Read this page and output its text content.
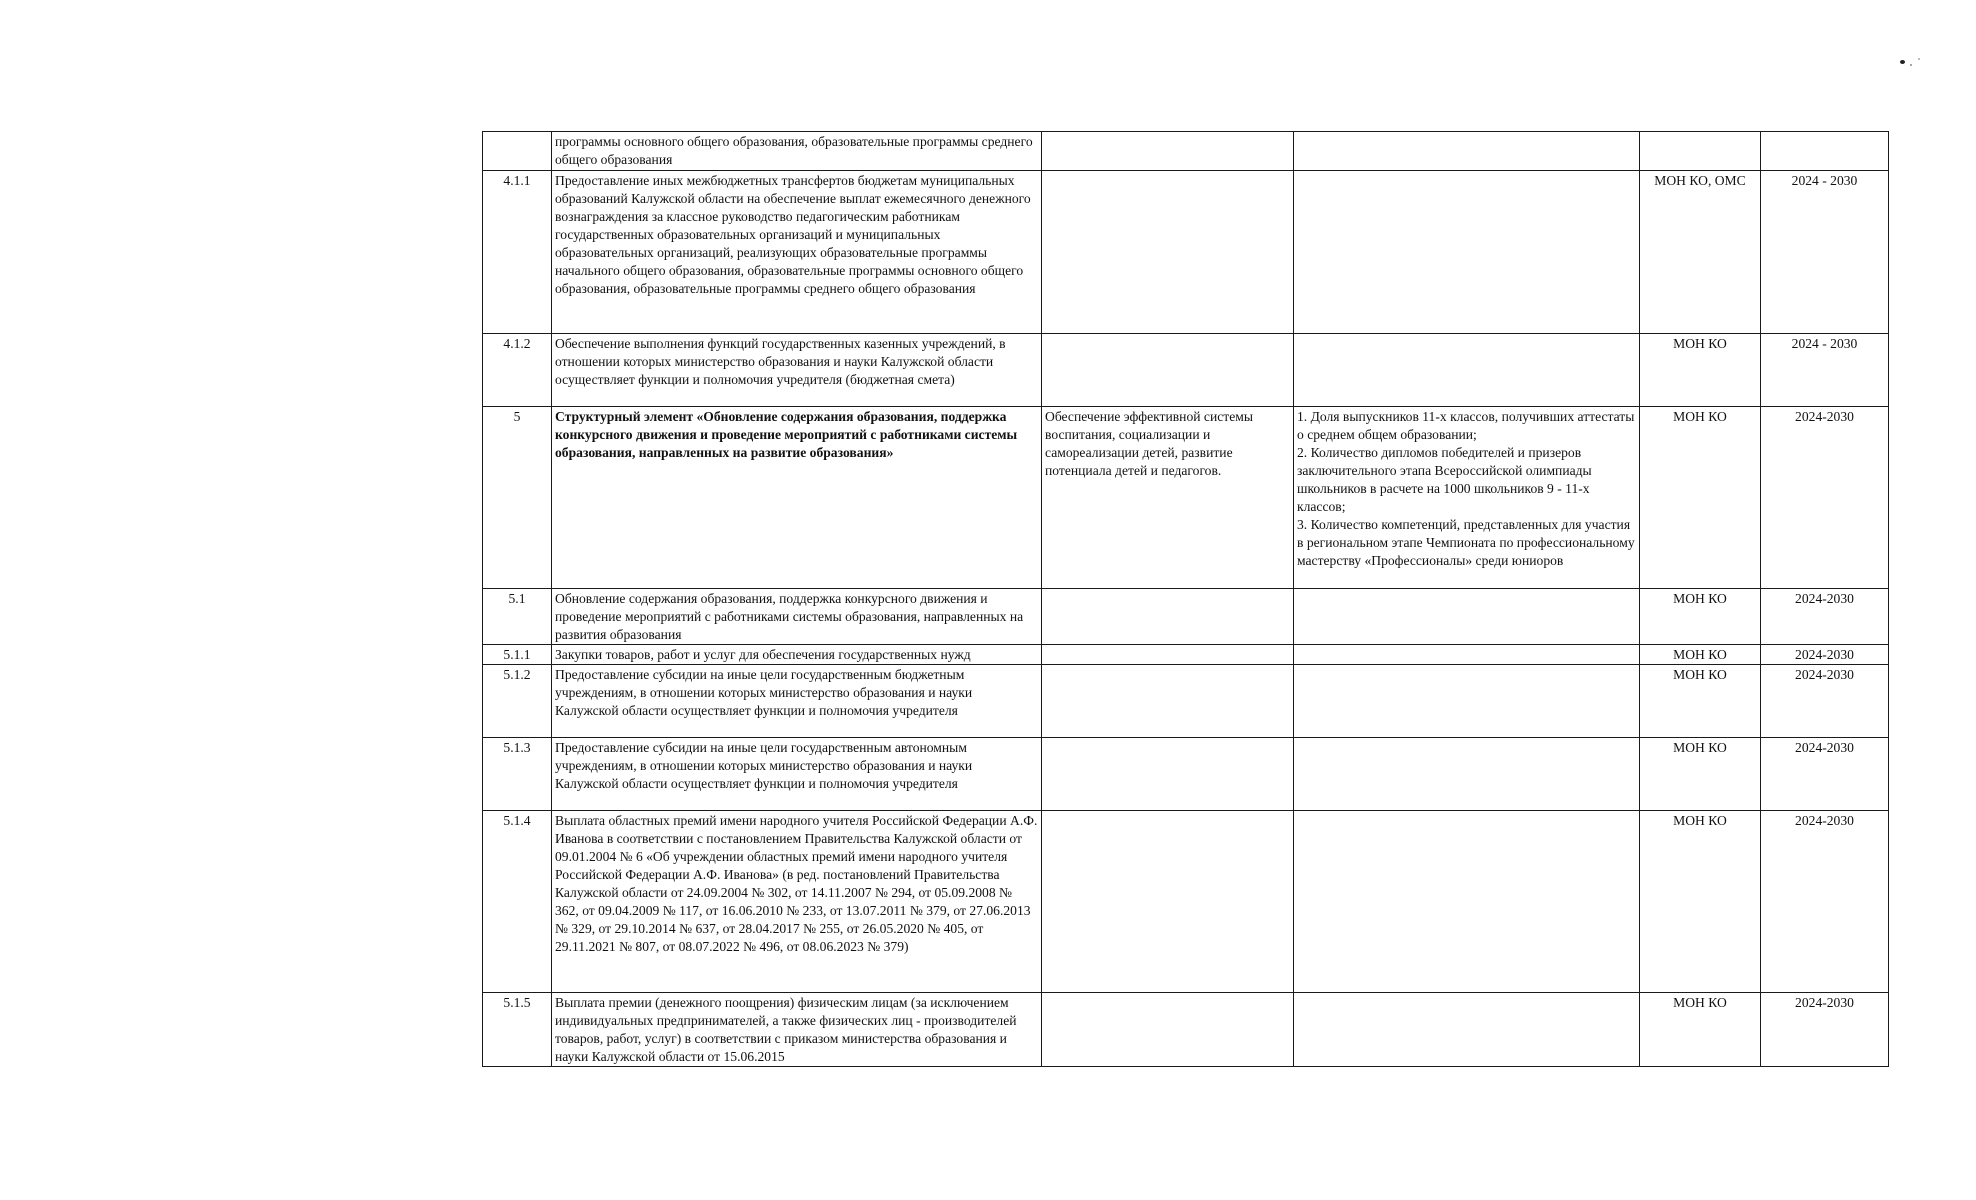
	программы основного общего образования, образовательные программы среднего общего образования				
4.1.1	Предоставление иных межбюджетных трансфертов бюджетам муниципальных образований Калужской области на обеспечение выплат ежемесячного денежного вознаграждения за классное руководство педагогическим работникам государственных образовательных организаций и муниципальных образовательных организаций, реализующих образовательные программы начального общего образования, образовательные программы основного общего образования, образовательные программы среднего общего образования			МОН КО, ОМС	2024 - 2030
4.1.2	Обеспечение выполнения функций государственных казенных учреждений, в отношении которых министерство образования и науки Калужской области осуществляет функции и полномочия учредителя (бюджетная смета)			МОН КО	2024 - 2030
5	Структурный элемент «Обновление содержания образования, поддержка конкурсного движения и проведение мероприятий с работниками системы образования, направленных на развитие образования»	Обеспечение эффективной системы воспитания, социализации и самореализации детей, развитие потенциала детей и педагогов.	1. Доля выпускников 11-х классов, получивших аттестаты о среднем общем образовании;
2. Количество дипломов победителей и призеров заключительного этапа Всероссийской олимпиады школьников в расчете на 1000 школьников 9 - 11-х классов;
3. Количество компетенций, представленных для участия в региональном этапе Чемпионата по профессиональному мастерству «Профессионалы» среди юниоров	МОН КО	2024-2030
5.1	Обновление содержания образования, поддержка конкурсного движения и проведение мероприятий с работниками системы образования, направленных на развития образования			МОН КО	2024-2030
5.1.1	Закупки товаров, работ и услуг для обеспечения государственных нужд			МОН КО	2024-2030
5.1.2	Предоставление субсидии на иные цели государственным бюджетным учреждениям, в отношении которых министерство образования и науки Калужской области осуществляет функции и полномочия учредителя			МОН КО	2024-2030
5.1.3	Предоставление субсидии на иные цели государственным автономным учреждениям, в отношении которых министерство образования и науки Калужской области осуществляет функции и полномочия учредителя			МОН КО	2024-2030
5.1.4	Выплата областных премий имени народного учителя Российской Федерации А.Ф. Иванова в соответствии с постановлением Правительства Калужской области от 09.01.2004 № 6 «Об учреждении областных премий имени народного учителя Российской Федерации А.Ф. Иванова» (в ред. постановлений Правительства Калужской области от 24.09.2004 № 302, от 14.11.2007 № 294, от 05.09.2008 № 362, от 09.04.2009 № 117, от 16.06.2010 № 233, от 13.07.2011 № 379, от 27.06.2013 № 329, от 29.10.2014 № 637, от 28.04.2017 № 255, от 26.05.2020 № 405, от 29.11.2021 № 807, от 08.07.2022 № 496, от 08.06.2023 № 379)			МОН КО	2024-2030
5.1.5	Выплата премии (денежного поощрения) физическим лицам (за исключением индивидуальных предпринимателей, а также физических лиц - производителей товаров, работ, услуг) в соответствии с приказом министерства образования и науки Калужской области от 15.06.2015			МОН КО	2024-2030
